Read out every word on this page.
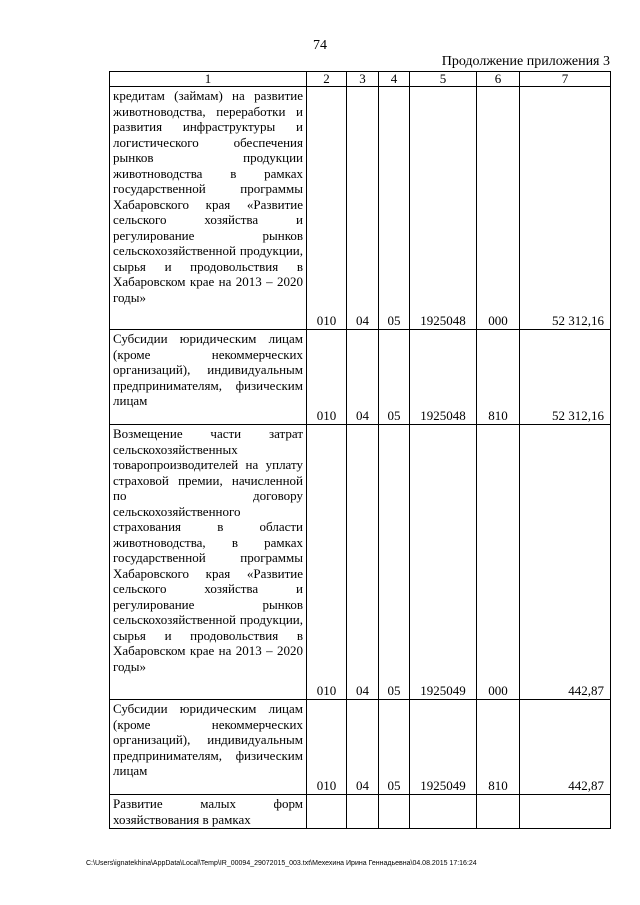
74
Продолжение приложения 3
1	2	3	4	5	6	7
кредитам (займам) на развитие животноводства, переработки и развития инфраструктуры и логистического обеспечения рынков продукции животноводства в рамках государственной программы Хабаровского края «Развитие сельского хозяйства и регулирование рынков сельскохозяйственной продукции, сырья и продовольствия в Хабаровском крае на 2013 – 2020 годы»	010	04	05	1925048	000	52 312,16
Субсидии юридическим лицам (кроме некоммерческих организаций), индивидуальным предпринимателям, физическим лицам	010	04	05	1925048	810	52 312,16
Возмещение части затрат сельскохозяйственных товаропроизводителей на уплату страховой премии, начисленной по договору сельскохозяйственного страхования в области животноводства, в рамках государственной программы Хабаровского края «Развитие сельского хозяйства и регулирование рынков сельскохозяйственной продукции, сырья и продовольствия в Хабаровском крае на 2013 – 2020 годы»	010	04	05	1925049	000	442,87
Субсидии юридическим лицам (кроме некоммерческих организаций), индивидуальным предпринимателям, физическим лицам	010	04	05	1925049	810	442,87
Развитие малых форм хозяйствования в рамках						
C:\Users\ignatekhina\AppData\Local\Temp\IR_00094_29072015_003.txt\Мехехина Ирина Геннадьевна\04.08.2015 17:16:24
